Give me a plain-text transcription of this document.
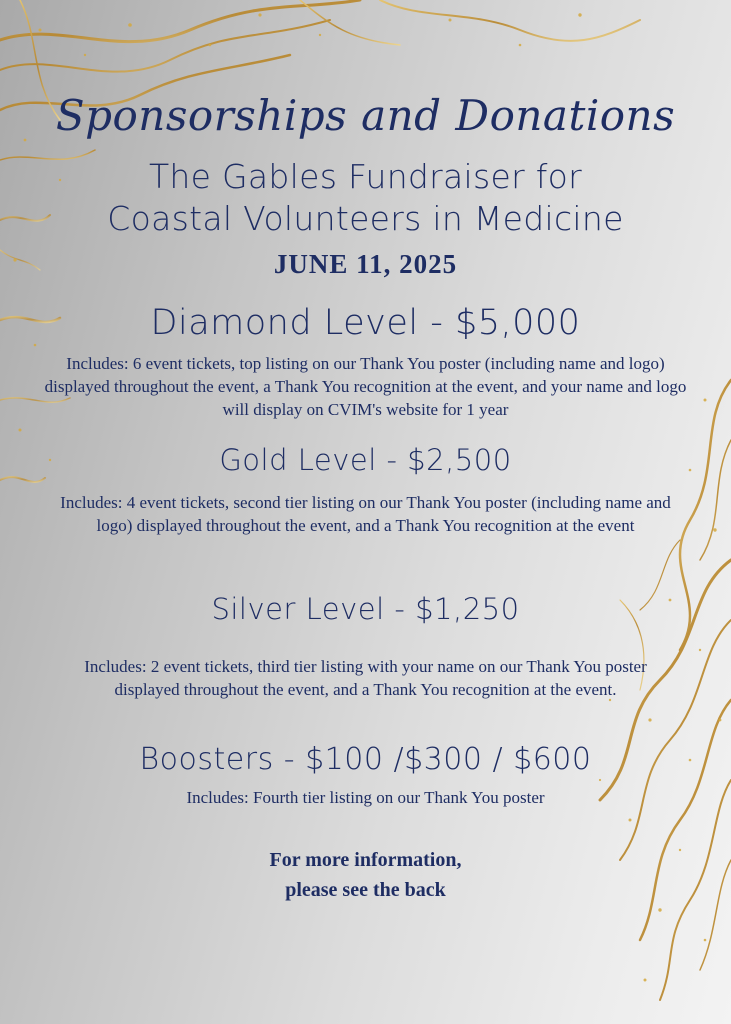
Sponsorships and Donations
The Gables Fundraiser for
Coastal Volunteers in Medicine
JUNE 11, 2025
Diamond Level - $5,000
Includes: 6 event tickets, top listing on our Thank You poster (including name and logo) displayed throughout the event, a Thank You recognition at the event, and your name and logo will display on CVIM's website for 1 year
Gold Level - $2,500
Includes: 4 event tickets, second tier listing on our Thank You poster (including name and logo) displayed throughout the event, and a Thank You recognition at the event
Silver Level - $1,250
Includes: 2 event tickets, third tier listing with your name on our Thank You poster displayed throughout the event, and a Thank You recognition at the event.
Boosters - $100 /$300 / $600
Includes: Fourth tier listing on our Thank You poster
For more information,
please see the back
